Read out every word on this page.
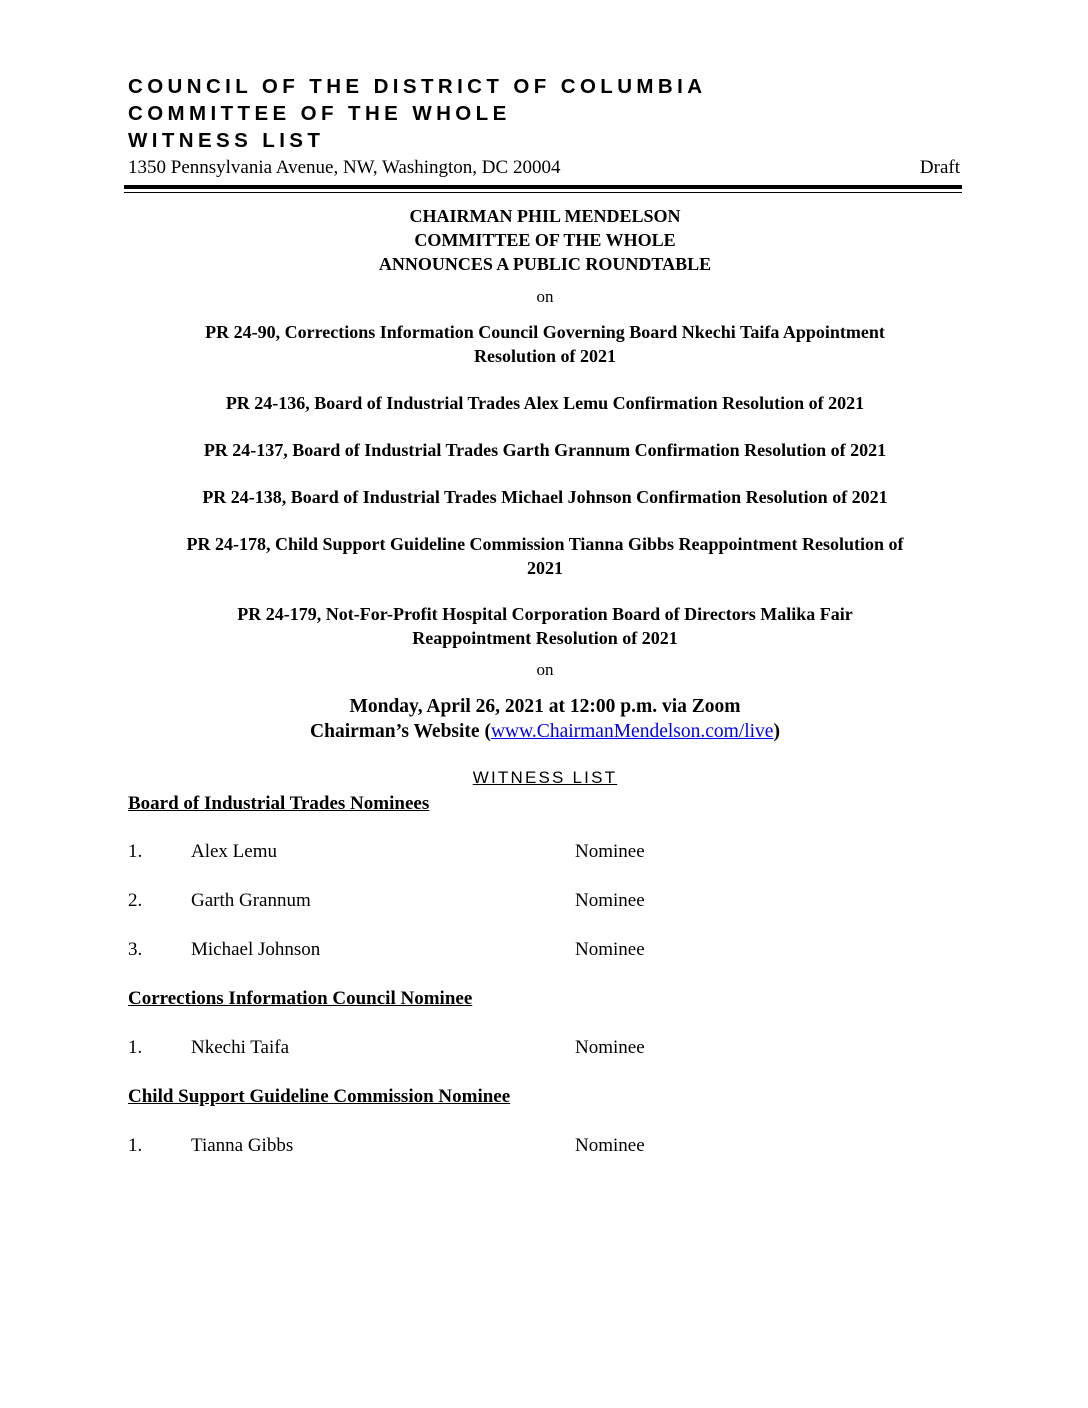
COUNCIL OF THE DISTRICT OF COLUMBIA
COMMITTEE OF THE WHOLE
WITNESS LIST
1350 Pennsylvania Avenue, NW, Washington, DC 20004	Draft
CHAIRMAN PHIL MENDELSON
COMMITTEE OF THE WHOLE
ANNOUNCES A PUBLIC ROUNDTABLE
on
PR 24-90, Corrections Information Council Governing Board Nkechi Taifa Appointment
Resolution of 2021
PR 24-136, Board of Industrial Trades Alex Lemu Confirmation Resolution of 2021
PR 24-137, Board of Industrial Trades Garth Grannum Confirmation Resolution of 2021
PR 24-138, Board of Industrial Trades Michael Johnson Confirmation Resolution of 2021
PR 24-178, Child Support Guideline Commission Tianna Gibbs Reappointment Resolution of
2021
PR 24-179, Not-For-Profit Hospital Corporation Board of Directors Malika Fair
Reappointment Resolution of 2021
on
Monday, April 26, 2021 at 12:00 p.m. via Zoom
Chairman’s Website (www.ChairmanMendelson.com/live)
WITNESS LIST
Board of Industrial Trades Nominees
1.	Alex Lemu	Nominee
2.	Garth Grannum	Nominee
3.	Michael Johnson	Nominee
Corrections Information Council Nominee
1.	Nkechi Taifa	Nominee
Child Support Guideline Commission Nominee
1.	Tianna Gibbs	Nominee
